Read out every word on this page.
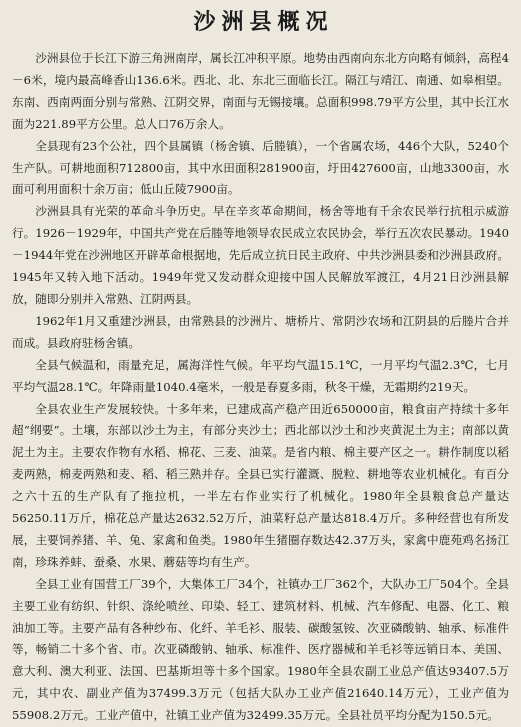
沙洲县概况

沙洲县位于长江下游三角洲南岸，属长江冲积平原。地势由西南向东北方向略有倾斜，高程4－6米，境内最高峰香山136.6米。西北、北、东北三面临长江。隔江与靖江、南通、如皋相望。东南、西南两面分别与常熟、江阴交界，南面与无锡接壤。总面积998.79平方公里，其中长江水面为221.89平方公里。总人口76万余人。

全县现有23个公社，四个县属镇（杨舍镇、后塍镇），一个省属农场，446个大队，5240个生产队。可耕地面积712800亩，其中水田面积281900亩，圩田427600亩，山地3300亩，水面可利用面积十余万亩；低山丘陵7900亩。

沙洲县具有光荣的革命斗争历史。早在辛亥革命期间，杨舍等地有千余农民举行抗租示威游行。1926－1929年，中国共产党在后塍等地领导农民成立农民协会，举行五次农民暴动。1940－1944年党在沙洲地区开辟革命根据地，先后成立抗日民主政府、中共沙洲县委和沙洲县政府。1945年又转入地下活动。1949年党又发动群众迎接中国人民解放军渡江，4月21日沙洲县解放，随即分别并入常熟、江阴两县。

1962年1月又重建沙洲县，由常熟县的沙洲片、塘桥片、常阴沙农场和江阴县的后塍片合并而成。县政府驻杨舍镇。

全县气候温和，雨量充足，属海洋性气候。年平均气温15.1℃，一月平均气温2.3℃，七月平均气温28.1℃。年降雨量1040.4毫米，一般是春夏多雨，秋冬干燥，无霜期约219天。

全县农业生产发展较快。十多年来，已建成高产稳产田近650000亩，粮食亩产持续十多年超“纲要”。土壤，东部以沙土为主，有部分夹沙土；西北部以沙土和沙夹黄泥土为主；南部以黄泥土为主。主要农作物有水稻、棉花、三麦、油菜。是省内粮、棉主要产区之一。耕作制度以稻麦两熟，棉麦两熟和麦、稻、稻三熟并存。全县已实行灌溉、脱粒、耕地等农业机械化。有百分之六十五的生产队有了拖拉机，一半左右作业实行了机械化。1980年全县粮食总产量达56250.11万斤，棉花总产量达2632.52万斤，油菜籽总产量达818.4万斤。多种经营也有所发展，主要饲养猪、羊、兔、家禽和鱼类。1980年生猪圈存数达42.37万头，家禽中鹿苑鸡名扬江南，珍珠养蚌、蚕桑、水果、蘑菇等均有生产。

全县工业有国营工厂39个，大集体工厂34个，社镇办工厂362个，大队办工厂504个。全县主要工业有纺织、针织、涤纶喷丝、印染、轻工、建筑材料、机械、汽车修配、电器、化工、粮油加工等。主要产品有各种纱布、化纤、羊毛衫、服装、碳酸氢铵、次亚磷酸钠、轴承、标准件等，畅销二十多个省、市。次亚磷酸钠、轴承、标准件、医疗器械和羊毛衫等远销日本、美国、意大利、澳大利亚、法国、巴基斯坦等十多个国家。1980年全县农副工业总产值达93407.5万元，其中农、副业产值为37499.3万元（包括大队办工业产值21640.14万元），工业产值为55908.2万元。工业产值中，社镇工业产值为32499.35万元。全县社员平均分配为150.5元。
